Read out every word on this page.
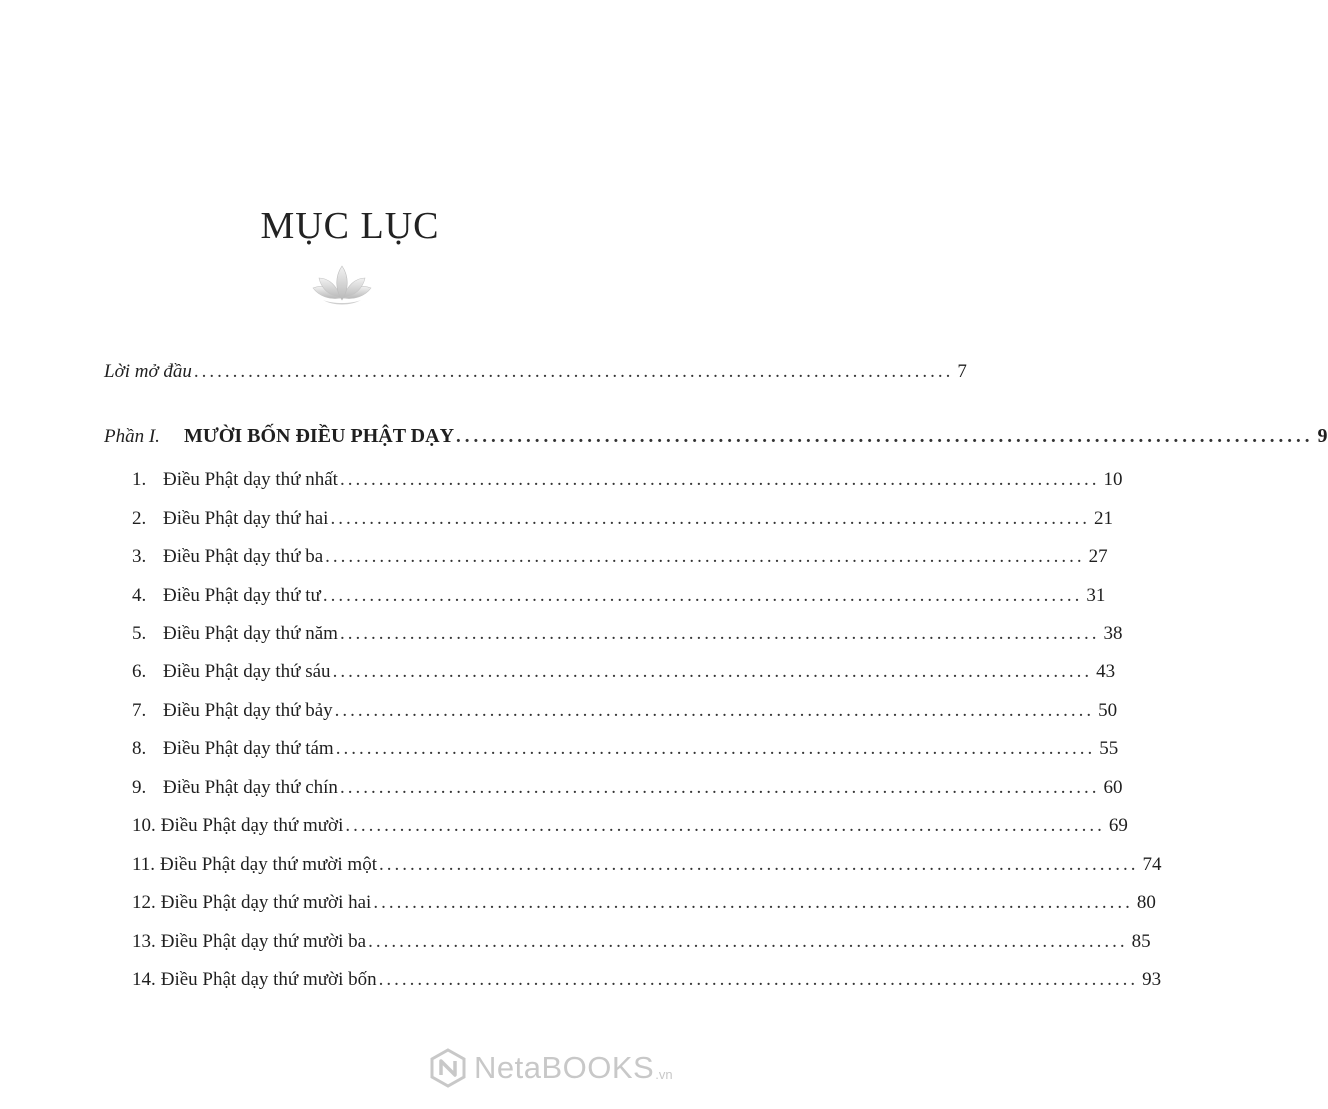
MỤC LỤC
Lời mở đầu .................................................................................................. 7
Phần I.	MƯỜI BỐN ĐIỀU PHẬT DẠY .................................................................................................. 9
1. Điều Phật dạy thứ nhất .................................................................................................. 10
2. Điều Phật dạy thứ hai .................................................................................................. 21
3. Điều Phật dạy thứ ba .................................................................................................. 27
4. Điều Phật dạy thứ tư .................................................................................................. 31
5. Điều Phật dạy thứ năm .................................................................................................. 38
6. Điều Phật dạy thứ sáu .................................................................................................. 43
7. Điều Phật dạy thứ bảy .................................................................................................. 50
8. Điều Phật dạy thứ tám .................................................................................................. 55
9. Điều Phật dạy thứ chín .................................................................................................. 60
10. Điều Phật dạy thứ mười .................................................................................................. 69
11. Điều Phật dạy thứ mười một .................................................................................................. 74
12. Điều Phật dạy thứ mười hai .................................................................................................. 80
13. Điều Phật dạy thứ mười ba .................................................................................................. 85
14. Điều Phật dạy thứ mười bốn .................................................................................................. 93
NetaBOOKS .vn
